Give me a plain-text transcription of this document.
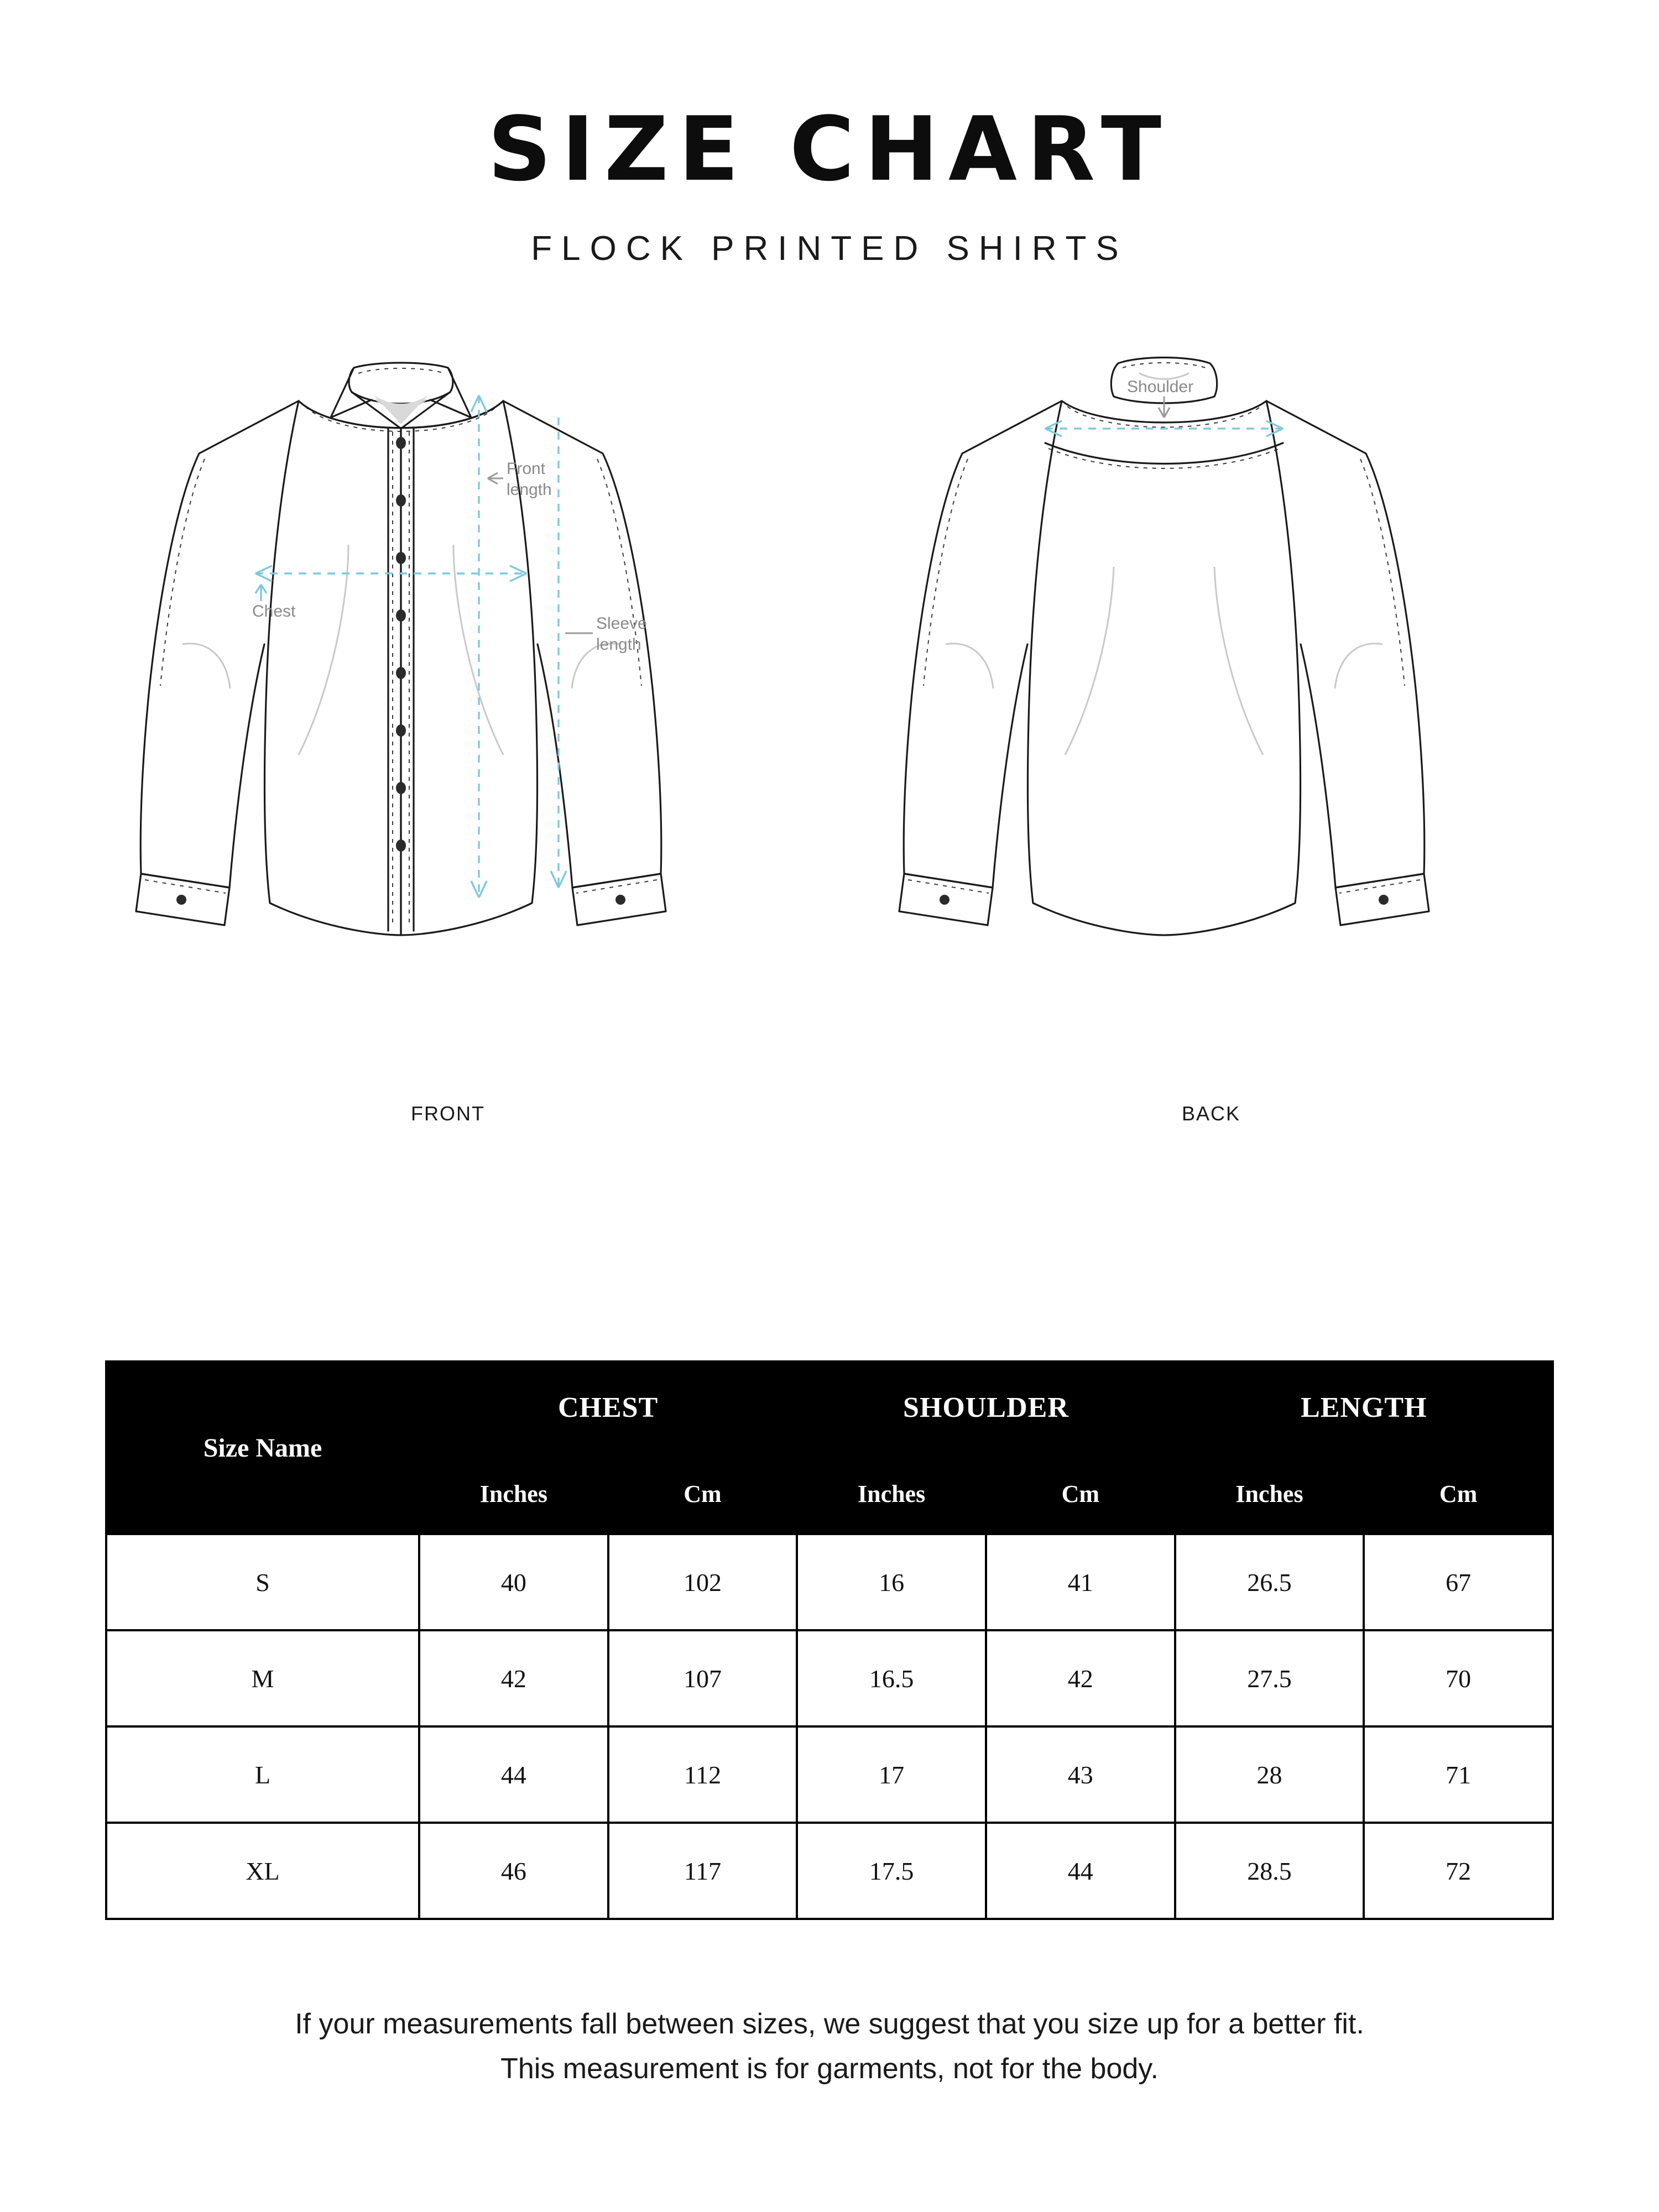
SIZE CHART
FLOCK PRINTED SHIRTS
Front
length
Chest
Sleeve
length
FRONT
Shoulder
BACK
Size Name	CHEST		SHOULDER		LENGTH	
	Inches	Cm	Inches	Cm	Inches	Cm
S	40	102	16	41	26.5	67
M	42	107	16.5	42	27.5	70
L	44	112	17	43	28	71
XL	46	117	17.5	44	28.5	72
If your measurements fall between sizes, we suggest that you size up for a better fit.
This measurement is for garments, not for the body.
